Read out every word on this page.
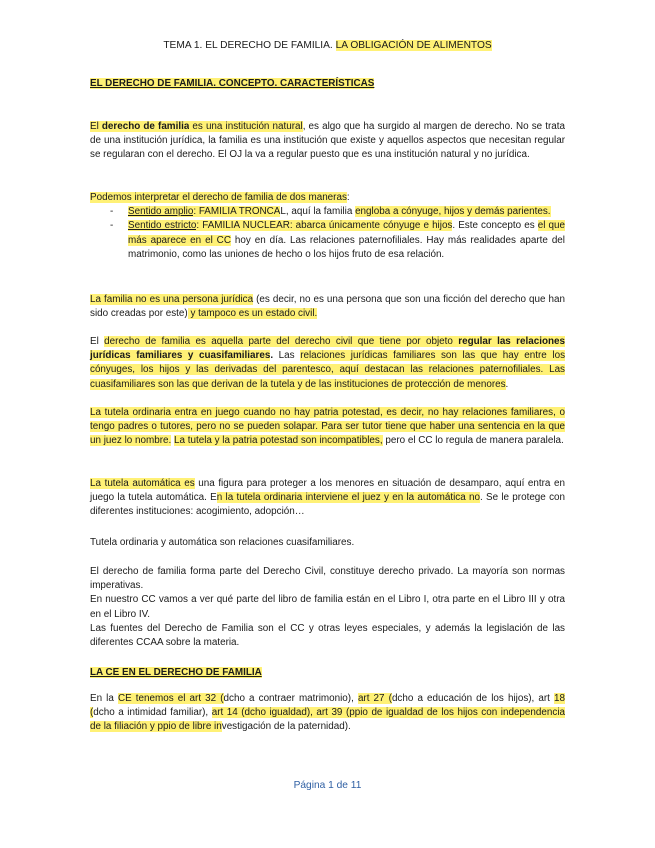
TEMA 1. EL DERECHO DE FAMILIA. LA OBLIGACIÓN DE ALIMENTOS
EL DERECHO DE FAMILIA. CONCEPTO. CARACTERÍSTICAS
El derecho de familia es una institución natural, es algo que ha surgido al margen de derecho. No se trata de una institución jurídica, la familia es una institución que existe y aquellos aspectos que necesitan regular se regularan con el derecho. El OJ la va a regular puesto que es una institución natural y no jurídica.
Podemos interpretar el derecho de familia de dos maneras:
- Sentido amplio: FAMILIA TRONCAL, aquí la familia engloba a cónyuge, hijos y demás parientes.
- Sentido estricto: FAMILIA NUCLEAR: abarca únicamente cónyuge e hijos. Este concepto es el que más aparece en el CC hoy en día. Las relaciones paternofiliales. Hay más realidades aparte del matrimonio, como las uniones de hecho o los hijos fruto de esa relación.
La familia no es una persona jurídica (es decir, no es una persona que son una ficción del derecho que han sido creadas por este) y tampoco es un estado civil.
El derecho de familia es aquella parte del derecho civil que tiene por objeto regular las relaciones jurídicas familiares y cuasifamiliares. Las relaciones jurídicas familiares son las que hay entre los cónyuges, los hijos y las derivadas del parentesco, aquí destacan las relaciones paternofiliales. Las cuasifamiliares son las que derivan de la tutela y de las instituciones de protección de menores.
La tutela ordinaria entra en juego cuando no hay patria potestad, es decir, no hay relaciones familiares, o tengo padres o tutores, pero no se pueden solapar. Para ser tutor tiene que haber una sentencia en la que un juez lo nombre. La tutela y la patria potestad son incompatibles, pero el CC lo regula de manera paralela.
La tutela automática es una figura para proteger a los menores en situación de desamparo, aquí entra en juego la tutela automática. En la tutela ordinaria interviene el juez y en la automática no. Se le protege con diferentes instituciones: acogimiento, adopción…
Tutela ordinaria y automática son relaciones cuasifamiliares.
El derecho de familia forma parte del Derecho Civil, constituye derecho privado. La mayoría son normas imperativas.
En nuestro CC vamos a ver qué parte del libro de familia están en el Libro I, otra parte en el Libro III y otra en el Libro IV.
Las fuentes del Derecho de Familia son el CC y otras leyes especiales, y además la legislación de las diferentes CCAA sobre la materia.
LA CE EN EL DERECHO DE FAMILIA
En la CE tenemos el art 32 (dcho a contraer matrimonio), art 27 (dcho a educación de los hijos), art 18 (dcho a intimidad familiar), art 14 (dcho igualdad), art 39 (ppio de igualdad de los hijos con independencia de la filiación y ppio de libre investigación de la paternidad).
Página 1 de 11
